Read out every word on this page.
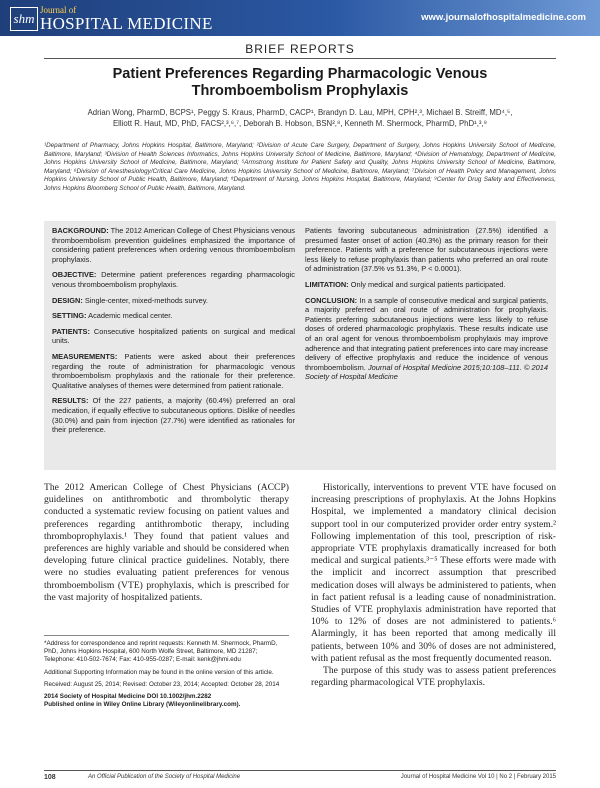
shm
Journal of
HOSPITAL MEDICINE	www.journalofhospitalmedicine.com
BRIEF REPORTS
Patient Preferences Regarding Pharmacologic Venous
Thromboembolism Prophylaxis
Adrian Wong, PharmD, BCPS¹, Peggy S. Kraus, PharmD, CACP¹, Brandyn D. Lau, MPH, CPH²,³, Michael B. Streiff, MD⁴,⁵,
Elliott R. Haut, MD, PhD, FACS²,³,⁶,⁷, Deborah B. Hobson, BSN²,⁸, Kenneth M. Shermock, PharmD, PhD¹,³,⁹
¹Department of Pharmacy, Johns Hopkins Hospital, Baltimore, Maryland; ²Division of Acute Care Surgery, Department of Surgery, Johns Hopkins University School of Medicine, Baltimore, Maryland; ³Division of Health Sciences Informatics, Johns Hopkins University School of Medicine, Baltimore, Maryland; ⁴Division of Hematology, Department of Medicine, Johns Hopkins University School of Medicine, Baltimore, Maryland; ⁵Armstrong Institute for Patient Safety and Quality, Johns Hopkins University School of Medicine, Baltimore, Maryland; ⁶Division of Anesthesiology/Critical Care Medicine, Johns Hopkins University School of Medicine, Baltimore, Maryland; ⁷Division of Health Policy and Management, Johns Hopkins University School of Public Health, Baltimore, Maryland; ⁸Department of Nursing, Johns Hopkins Hospital, Baltimore, Maryland; ⁹Center for Drug Safety and Effectiveness, Johns Hopkins Bloomberg School of Public Health, Baltimore, Maryland.

BACKGROUND: The 2012 American College of Chest Physicians venous thromboembolism prevention guidelines emphasized the importance of considering patient preferences when ordering venous thromboembolism prophylaxis.

OBJECTIVE: Determine patient preferences regarding pharmacologic venous thromboembolism prophylaxis.

DESIGN: Single-center, mixed-methods survey.

SETTING: Academic medical center.

PATIENTS: Consecutive hospitalized patients on surgical and medical units.

MEASUREMENTS: Patients were asked about their preferences regarding the route of administration for pharmacologic venous thromboembolism prophylaxis and the rationale for their preference. Qualitative analyses of themes were determined from patient rationale.

RESULTS: Of the 227 patients, a majority (60.4%) preferred an oral medication, if equally effective to subcutaneous options. Dislike of needles (30.0%) and pain from injection (27.7%) were identified as rationales for their preference.

Patients favoring subcutaneous administration (27.5%) identified a presumed faster onset of action (40.3%) as the primary reason for their preference. Patients with a preference for subcutaneous injections were less likely to refuse prophylaxis than patients who preferred an oral route of administration (37.5% vs 51.3%, P < 0.0001).

LIMITATION: Only medical and surgical patients participated.

CONCLUSION: In a sample of consecutive medical and surgical patients, a majority preferred an oral route of administration for prophylaxis. Patients preferring subcutaneous injections were less likely to refuse doses of ordered pharmacologic prophylaxis. These results indicate use of an oral agent for venous thromboembolism prophylaxis may improve adherence and that integrating patient preferences into care may increase delivery of effective prophylaxis and reduce the incidence of venous thromboembolism. Journal of Hospital Medicine 2015;10:108–111. © 2014 Society of Hospital Medicine

The 2012 American College of Chest Physicians (ACCP) guidelines on antithrombotic and thrombolytic therapy conducted a systematic review focusing on patient values and preferences regarding antithrombotic therapy, including thromboprophylaxis.¹ They found that patient values and preferences are highly variable and should be considered when developing future clinical practice guidelines. Notably, there were no studies evaluating patient preferences for venous thromboembolism (VTE) prophylaxis, which is prescribed for the vast majority of hospitalized patients.

Historically, interventions to prevent VTE have focused on increasing prescriptions of prophylaxis. At the Johns Hopkins Hospital, we implemented a mandatory clinical decision support tool in our computerized provider order entry system.² Following implementation of this tool, prescription of risk-appropriate VTE prophylaxis dramatically increased for both medical and surgical patients.³⁻⁵ These efforts were made with the implicit and incorrect assumption that prescribed medication doses will always be administered to patients, when in fact patient refusal is a leading cause of nonadministration. Studies of VTE prophylaxis administration have reported that 10% to 12% of doses are not administered to patients.⁶ Alarmingly, it has been reported that among medically ill patients, between 10% and 30% of doses are not administered, with patient refusal as the most frequently documented reason.

The purpose of this study was to assess patient preferences regarding pharmacological VTE prophylaxis.

*Address for correspondence and reprint requests: Kenneth M. Shermock, PharmD, PhD, Johns Hopkins Hospital, 600 North Wolfe Street, Baltimore, MD 21287; Telephone: 410-502-7674; Fax: 410-955-0287; E-mail: kenk@jhmi.edu

Additional Supporting Information may be found in the online version of this article.

Received: August 25, 2014; Revised: October 23, 2014; Accepted: October 28, 2014

2014 Society of Hospital Medicine DOI 10.1002/jhm.2282

Published online in Wiley Online Library (Wileyonlinelibrary.com).

108	An Official Publication of the Society of Hospital Medicine	Journal of Hospital Medicine Vol 10 | No 2 | February 2015
